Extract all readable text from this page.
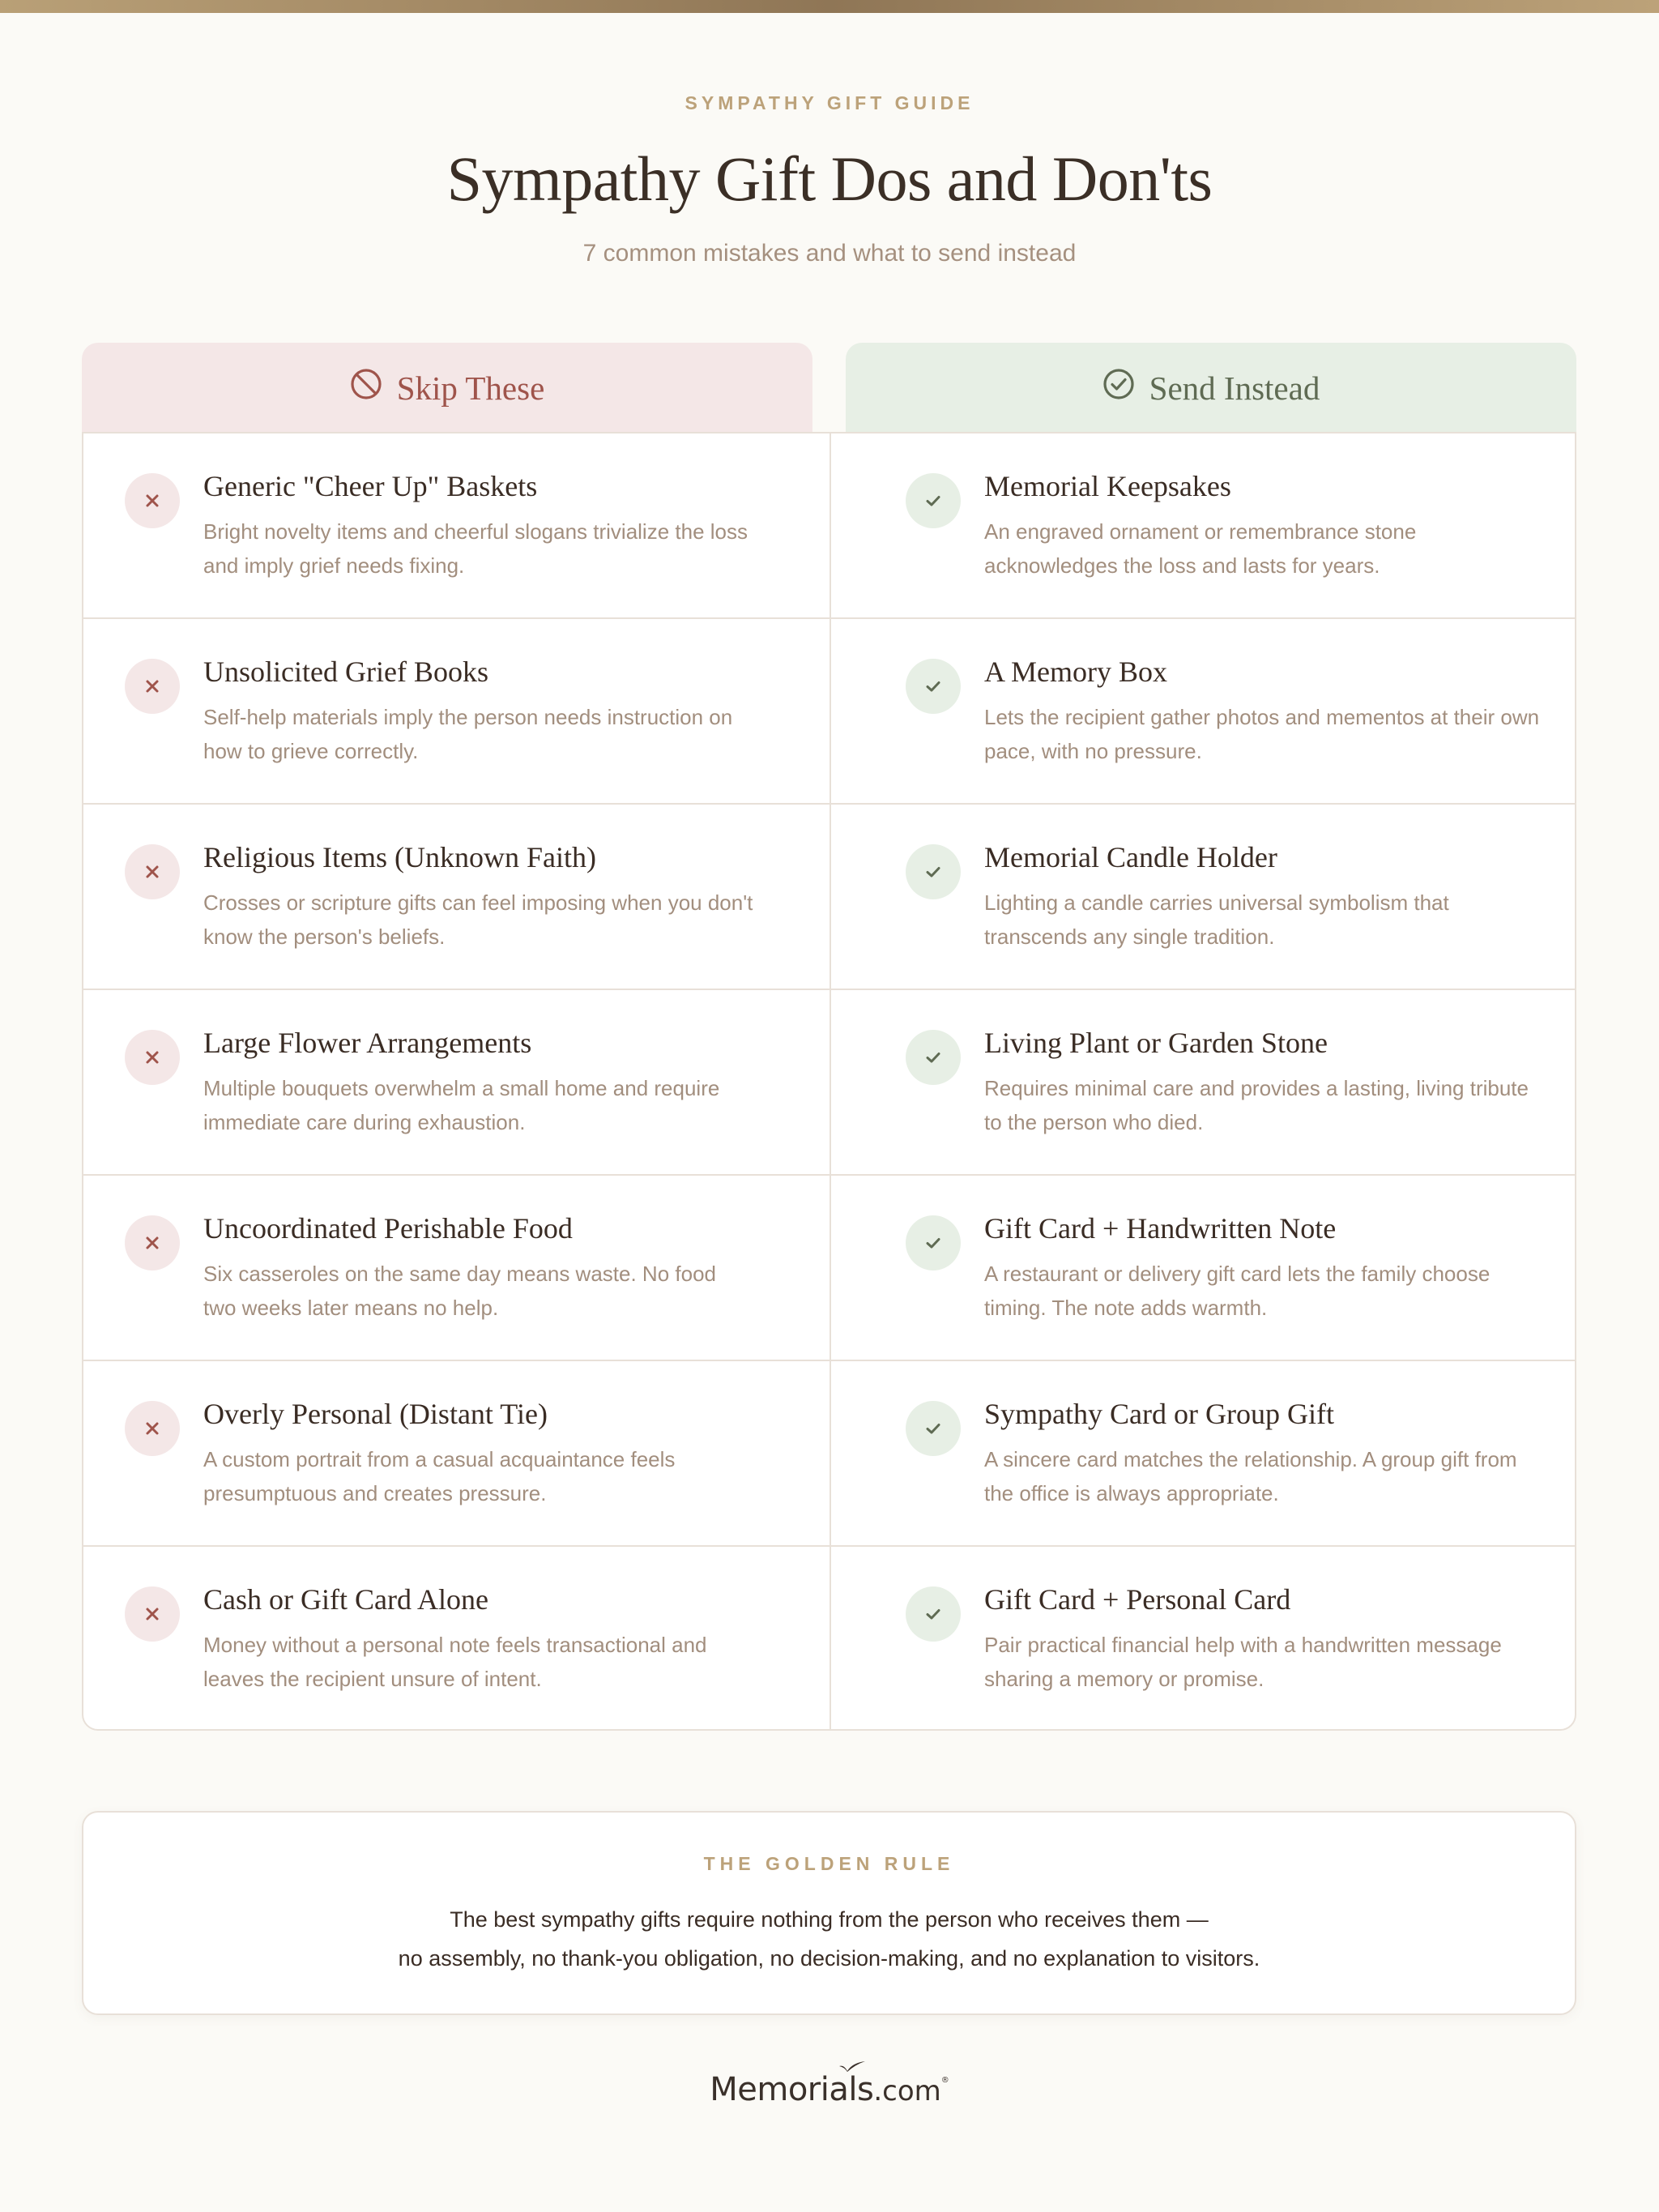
SYMPATHY GIFT GUIDE
Sympathy Gift Dos and Don'ts
7 common mistakes and what to send instead
Skip These	Send Instead
Generic "Cheer Up" Baskets
Bright novelty items and cheerful slogans trivialize the loss and imply grief needs fixing.
Memorial Keepsakes
An engraved ornament or remembrance stone acknowledges the loss and lasts for years.
Unsolicited Grief Books
Self-help materials imply the person needs instruction on how to grieve correctly.
A Memory Box
Lets the recipient gather photos and mementos at their own pace, with no pressure.
Religious Items (Unknown Faith)
Crosses or scripture gifts can feel imposing when you don't know the person's beliefs.
Memorial Candle Holder
Lighting a candle carries universal symbolism that transcends any single tradition.
Large Flower Arrangements
Multiple bouquets overwhelm a small home and require immediate care during exhaustion.
Living Plant or Garden Stone
Requires minimal care and provides a lasting, living tribute to the person who died.
Uncoordinated Perishable Food
Six casseroles on the same day means waste. No food two weeks later means no help.
Gift Card + Handwritten Note
A restaurant or delivery gift card lets the family choose timing. The note adds warmth.
Overly Personal (Distant Tie)
A custom portrait from a casual acquaintance feels presumptuous and creates pressure.
Sympathy Card or Group Gift
A sincere card matches the relationship. A group gift from the office is always appropriate.
Cash or Gift Card Alone
Money without a personal note feels transactional and leaves the recipient unsure of intent.
Gift Card + Personal Card
Pair practical financial help with a handwritten message sharing a memory or promise.
THE GOLDEN RULE
The best sympathy gifts require nothing from the person who receives them —
no assembly, no thank-you obligation, no decision-making, and no explanation to visitors.
Memorials.com®
